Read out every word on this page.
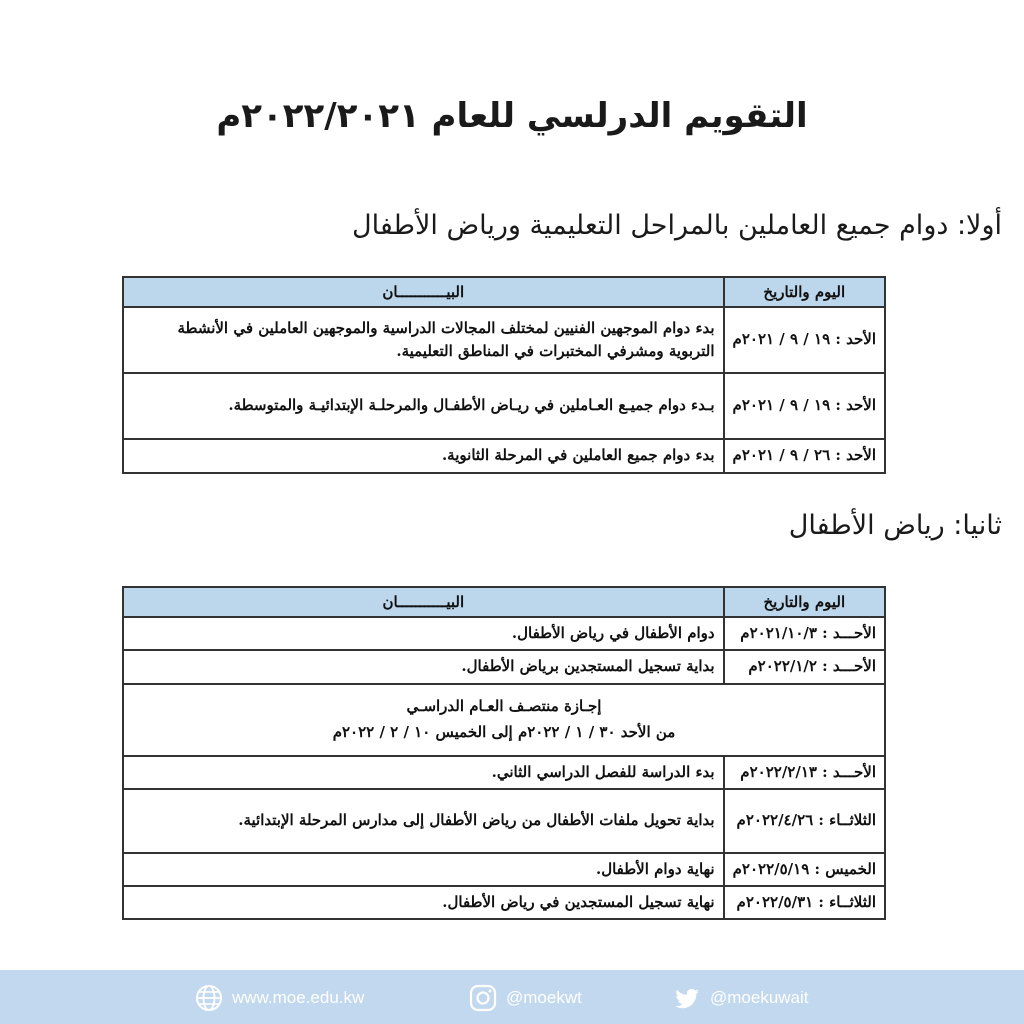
التقويم الدرلسي للعام ٢٠٢٢/٢٠٢١م
أولا: دوام جميع العاملين بالمراحل التعليمية ورياض الأطفال
اليوم والتاريخ	البيـــــــــــان
الأحد : ١٩ / ٩ / ٢٠٢١م	بدء دوام الموجهين الفنيين لمختلف المجالات الدراسية والموجهين العاملين في الأنشطة التربوية ومشرفي المختبرات في المناطق التعليمية.
الأحد : ١٩ / ٩ / ٢٠٢١م	بـدء دوام جميـع العـاملين في ريـاض الأطفـال والمرحلـة الإبتدائيـة والمتوسطة.
الأحد : ٢٦ / ٩ / ٢٠٢١م	بدء دوام جميع العاملين في المرحلة الثانوية.
ثانيا: رياض الأطفال
اليوم والتاريخ	البيـــــــــــان
الأحـــد : ٢٠٢١/١٠/٣م	دوام الأطفال في رياض الأطفال.
الأحـــد : ٢٠٢٢/١/٢م	بداية تسجيل المستجدين برياض الأطفال.

إجـازة منتصـف العـام الدراسـي
من الأحد ٣٠ / ١ / ٢٠٢٢م إلى الخميس ١٠ / ٢ / ٢٠٢٢م	

الأحـــد : ٢٠٢٢/٢/١٣م	بدء الدراسة للفصل الدراسي الثاني.
الثلاثــاء : ٢٠٢٢/٤/٢٦م	بداية تحويل ملفات الأطفال من رياض الأطفال إلى مدارس المرحلة الإبتدائية.
الخميس : ٢٠٢٢/٥/١٩م	نهاية دوام الأطفال.
الثلاثــاء : ٢٠٢٢/٥/٣١م	نهاية تسجيل المستجدين في رياض الأطفال.
www.moe.edu.kw	@moekwt	@moekuwait
